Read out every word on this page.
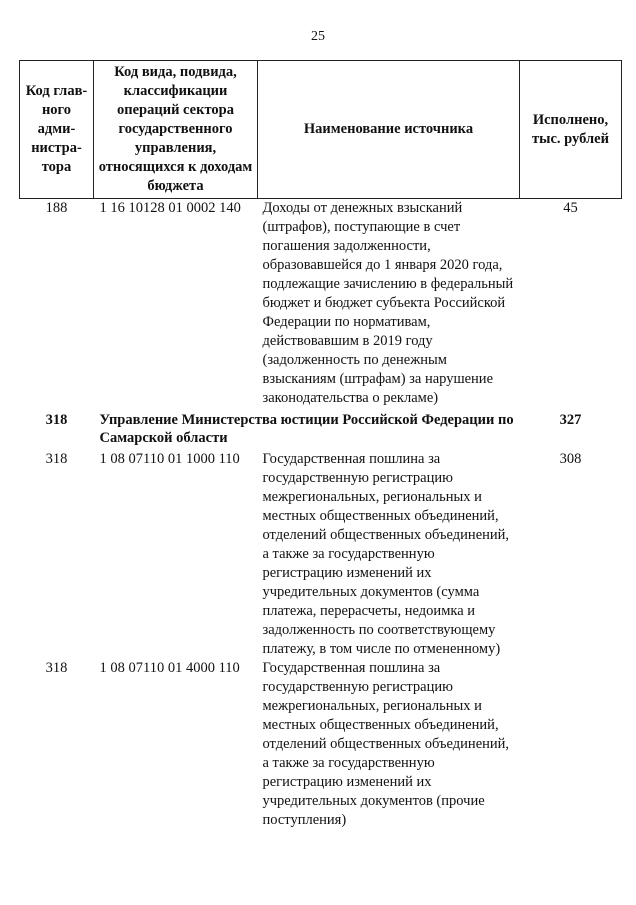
25
Код глав-ного адми-нистра-тора	Код вида, подвида, классификации операций сектора государственного управления, относящихся к доходам бюджета	Наименование источника	Исполнено, тыс. рублей
188	1 16 10128 01 0002 140	Доходы от денежных взысканий (штрафов), поступающие в счет погашения задолженности, образовавшейся до 1 января 2020 года, подлежащие зачислению в федеральный бюджет и бюджет субъекта Российской Федерации по нормативам, действовавшим в 2019 году (задолженность по денежным взысканиям (штрафам) за нарушение законодательства о рекламе)	45
318	Управление Министерства юстиции Российской Федерации по Самарской области		327

318	1 08 07110 01 1000 110	Государственная пошлина за государственную регистрацию межрегиональных, региональных и местных общественных объединений, отделений общественных объединений, а также за государственную регистрацию изменений их учредительных документов (сумма платежа, перерасчеты, недоимка и задолженность по соответствующему платежу, в том числе по отмененному)	308
318	1 08 07110 01 4000 110	Государственная пошлина за государственную регистрацию межрегиональных, региональных и местных общественных объединений, отделений общественных объединений, а также за государственную регистрацию изменений их учредительных документов (прочие поступления)	
